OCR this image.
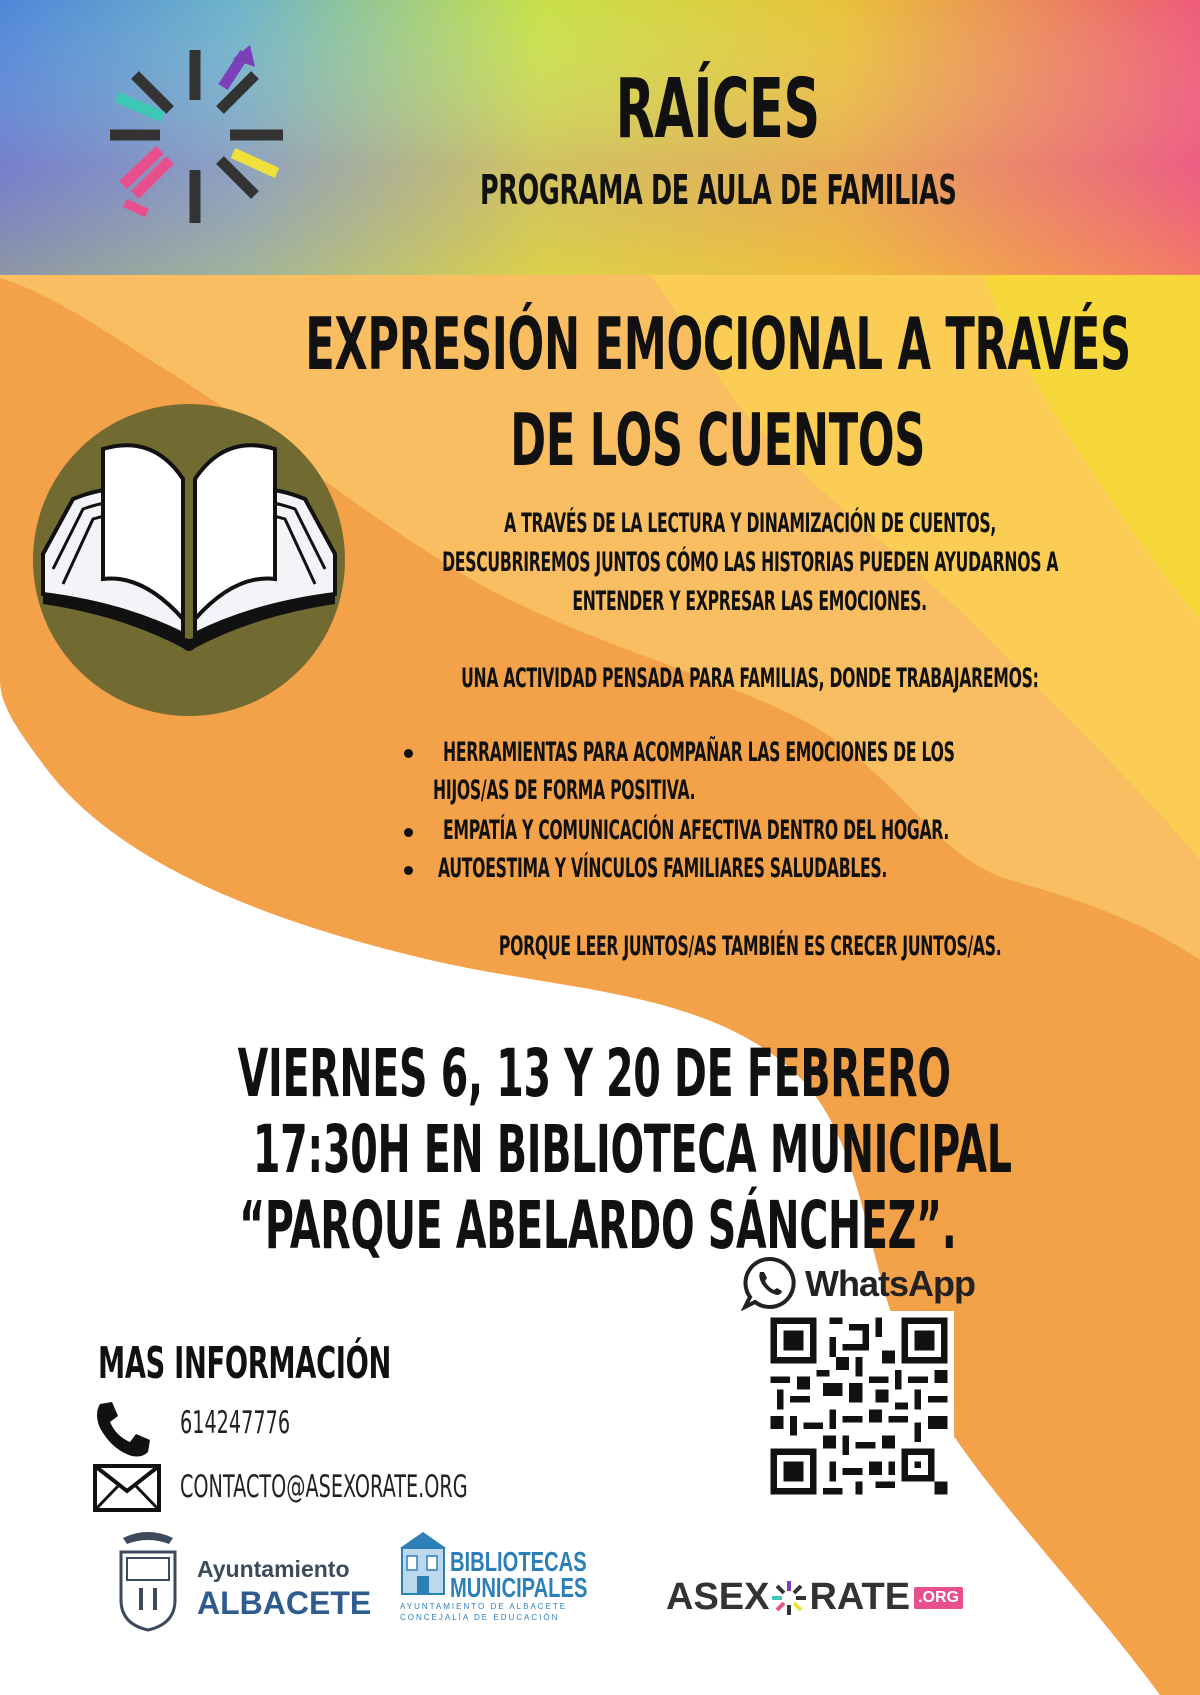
RAÍCES
PROGRAMA DE AULA DE FAMILIAS
EXPRESIÓN EMOCIONAL A TRAVÉS
DE LOS CUENTOS
A TRAVÉS DE LA LECTURA Y DINAMIZACIÓN DE CUENTOS,
DESCUBRIREMOS JUNTOS CÓMO LAS HISTORIAS PUEDEN AYUDARNOS A
ENTENDER Y EXPRESAR LAS EMOCIONES.
UNA ACTIVIDAD PENSADA PARA FAMILIAS, DONDE TRABAJAREMOS:
HERRAMIENTAS PARA ACOMPAÑAR LAS EMOCIONES DE LOS
HIJOS/AS DE FORMA POSITIVA.
EMPATÍA Y COMUNICACIÓN AFECTIVA DENTRO DEL HOGAR.
AUTOESTIMA Y VÍNCULOS FAMILIARES SALUDABLES.
PORQUE LEER JUNTOS/AS TAMBIÉN ES CRECER JUNTOS/AS.
VIERNES 6, 13 Y 20 DE FEBRERO
17:30H EN BIBLIOTECA MUNICIPAL
“PARQUE ABELARDO SÁNCHEZ”.
WhatsApp
MAS INFORMACIÓN
614247776
CONTACTO@ASEXORATE.ORG
Ayuntamiento
ALBACETE
BIBLIOTECAS
MUNICIPALES
AYUNTAMIENTO DE ALBACETE
CONCEJALÍA DE EDUCACIÓN	ASEX RATE .ORG
